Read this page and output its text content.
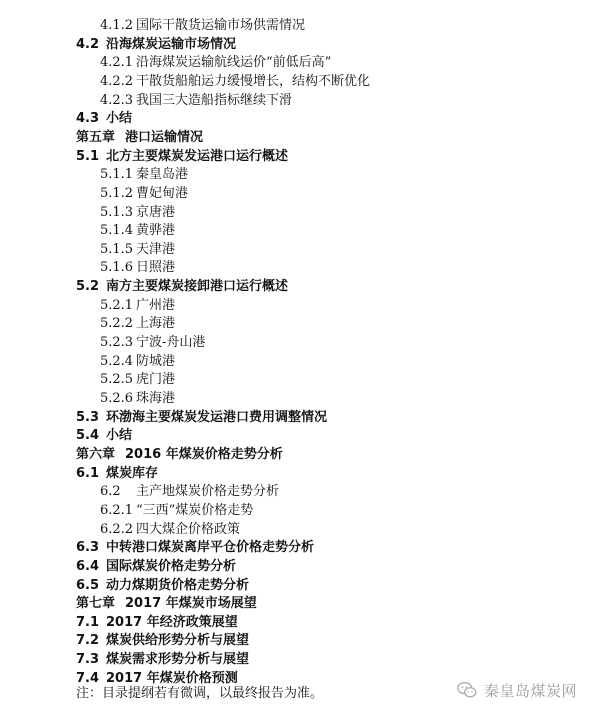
4.1.2 国际干散货运输市场供需情况
4.2 沿海煤炭运输市场情况
4.2.1 沿海煤炭运输航线运价“前低后高”
4.2.2 干散货船舶运力缓慢增长，结构不断优化
4.2.3 我国三大造船指标继续下滑
4.3 小结
第五章 港口运输情况
5.1 北方主要煤炭发运港口运行概述
5.1.1 秦皇岛港
5.1.2 曹妃甸港
5.1.3 京唐港
5.1.4 黄骅港
5.1.5 天津港
5.1.6 日照港
5.2 南方主要煤炭接卸港口运行概述
5.2.1 广州港
5.2.2 上海港
5.2.3 宁波-舟山港
5.2.4 防城港
5.2.5 虎门港
5.2.6 珠海港
5.3 环渤海主要煤炭发运港口费用调整情况
5.4 小结
第六章 2016 年煤炭价格走势分析
6.1 煤炭库存
6.2 主产地煤炭价格走势分析
6.2.1 “三西”煤炭价格走势
6.2.2 四大煤企价格政策
6.3 中转港口煤炭离岸平仓价格走势分析
6.4 国际煤炭价格走势分析
6.5 动力煤期货价格走势分析
第七章 2017 年煤炭市场展望
7.1 2017 年经济政策展望
7.2 煤炭供给形势分析与展望
7.3 煤炭需求形势分析与展望
7.4 2017 年煤炭价格预测
注：目录提纲若有微调，以最终报告为准。	秦皇岛煤炭网
